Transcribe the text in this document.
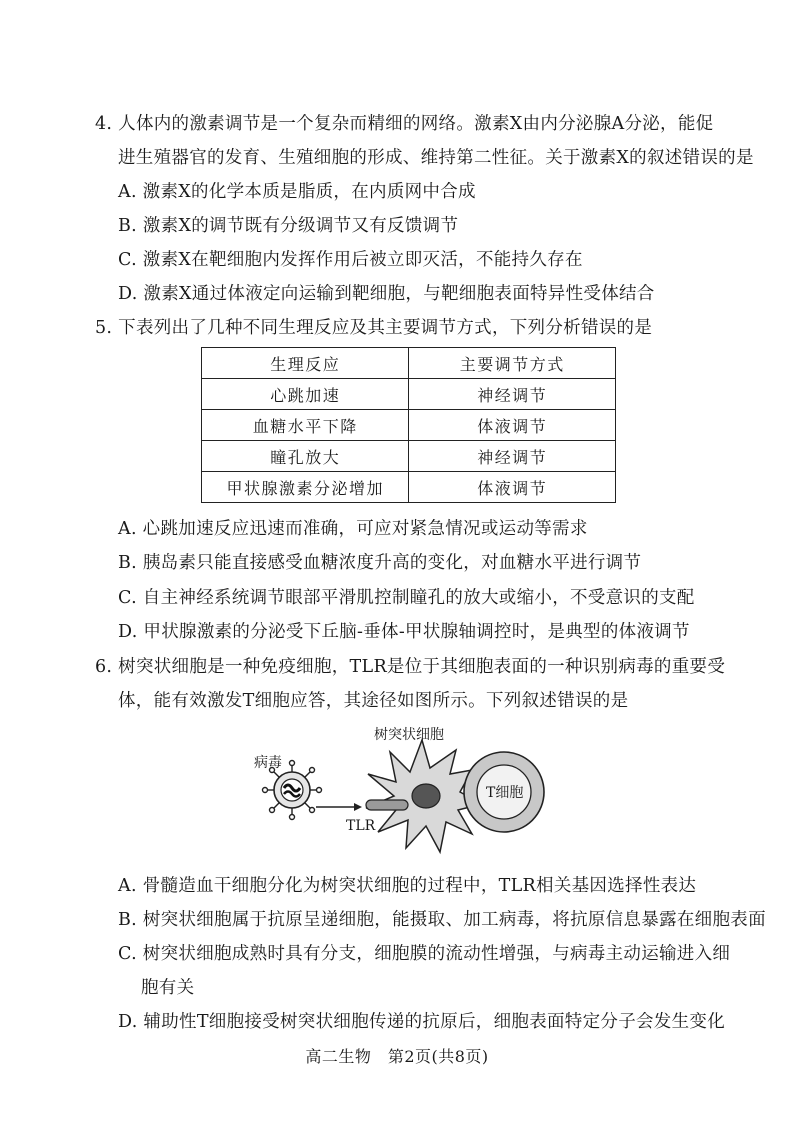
4. 人体内的激素调节是一个复杂而精细的网络。激素X由内分泌腺A分泌，能促
进生殖器官的发育、生殖细胞的形成、维持第二性征。关于激素X的叙述错误的是
A. 激素X的化学本质是脂质，在内质网中合成
B. 激素X的调节既有分级调节又有反馈调节
C. 激素X在靶细胞内发挥作用后被立即灭活，不能持久存在
D. 激素X通过体液定向运输到靶细胞，与靶细胞表面特异性受体结合
5. 下表列出了几种不同生理反应及其主要调节方式，下列分析错误的是
生理反应	主要调节方式
心跳加速	神经调节
血糖水平下降	体液调节
瞳孔放大	神经调节
甲状腺激素分泌增加	体液调节
A. 心跳加速反应迅速而准确，可应对紧急情况或运动等需求
B. 胰岛素只能直接感受血糖浓度升高的变化，对血糖水平进行调节
C. 自主神经系统调节眼部平滑肌控制瞳孔的放大或缩小，不受意识的支配
D. 甲状腺激素的分泌受下丘脑-垂体-甲状腺轴调控时，是典型的体液调节
6. 树突状细胞是一种免疫细胞，TLR是位于其细胞表面的一种识别病毒的重要受
体，能有效激发T细胞应答，其途径如图所示。下列叙述错误的是
树突状细胞
病毒
TLR
T细胞
A. 骨髓造血干细胞分化为树突状细胞的过程中，TLR相关基因选择性表达
B. 树突状细胞属于抗原呈递细胞，能摄取、加工病毒，将抗原信息暴露在细胞表面
C. 树突状细胞成熟时具有分支，细胞膜的流动性增强，与病毒主动运输进入细
胞有关
D. 辅助性T细胞接受树突状细胞传递的抗原后，细胞表面特定分子会发生变化
高二生物　第2页(共8页)
